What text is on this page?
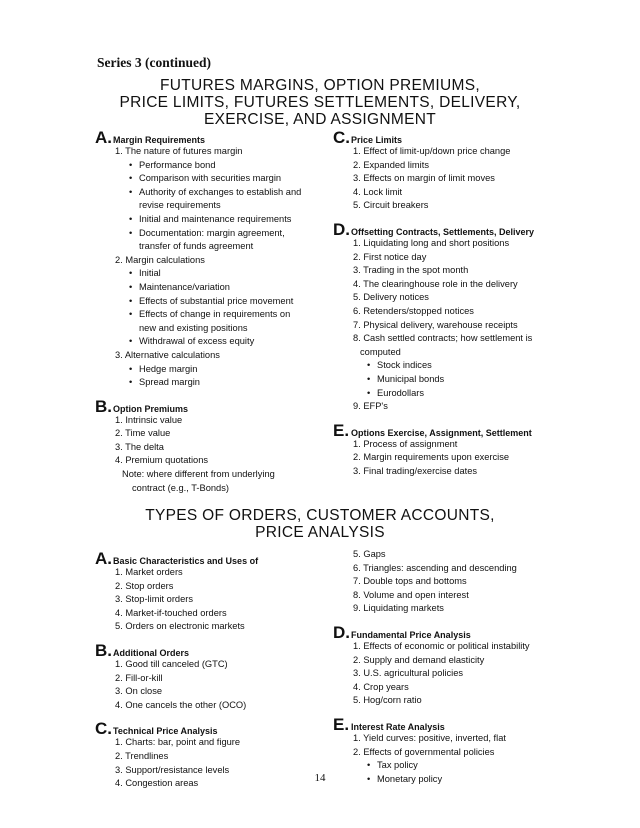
Series 3 (continued)
FUTURES MARGINS, OPTION PREMIUMS,
PRICE LIMITS, FUTURES SETTLEMENTS, DELIVERY,
EXERCISE, AND ASSIGNMENT
A. Margin Requirements
1. The nature of futures margin
• Performance bond
• Comparison with securities margin
• Authority of exchanges to establish and
revise requirements
• Initial and maintenance requirements
• Documentation: margin agreement,
transfer of funds agreement
2. Margin calculations
• Initial
• Maintenance/variation
• Effects of substantial price movement
• Effects of change in requirements on
new and existing positions
• Withdrawal of excess equity
3. Alternative calculations
• Hedge margin
• Spread margin
B. Option Premiums
1. Intrinsic value
2. Time value
3. The delta
4. Premium quotations
Note: where different from underlying
contract (e.g., T-Bonds)
C. Price Limits
1. Effect of limit-up/down price change
2. Expanded limits
3. Effects on margin of limit moves
4. Lock limit
5. Circuit breakers
D. Offsetting Contracts, Settlements, Delivery
1. Liquidating long and short positions
2. First notice day
3. Trading in the spot month
4. The clearinghouse role in the delivery
5. Delivery notices
6. Retenders/stopped notices
7. Physical delivery, warehouse receipts
8. Cash settled contracts; how settlement is
computed
• Stock indices
• Municipal bonds
• Eurodollars
9. EFP's
E. Options Exercise, Assignment, Settlement
1. Process of assignment
2. Margin requirements upon exercise
3. Final trading/exercise dates
TYPES OF ORDERS, CUSTOMER ACCOUNTS,
PRICE ANALYSIS
A. Basic Characteristics and Uses of
1. Market orders
2. Stop orders
3. Stop-limit orders
4. Market-if-touched orders
5. Orders on electronic markets
B. Additional Orders
1. Good till canceled (GTC)
2. Fill-or-kill
3. On close
4. One cancels the other (OCO)
C. Technical Price Analysis
1. Charts: bar, point and figure
2. Trendlines
3. Support/resistance levels
4. Congestion areas
5. Gaps
6. Triangles: ascending and descending
7. Double tops and bottoms
8. Volume and open interest
9. Liquidating markets
D. Fundamental Price Analysis
1. Effects of economic or political instability
2. Supply and demand elasticity
3. U.S. agricultural policies
4. Crop years
5. Hog/corn ratio
E. Interest Rate Analysis
1. Yield curves: positive, inverted, flat
2. Effects of governmental policies
• Tax policy
• Monetary policy
14
